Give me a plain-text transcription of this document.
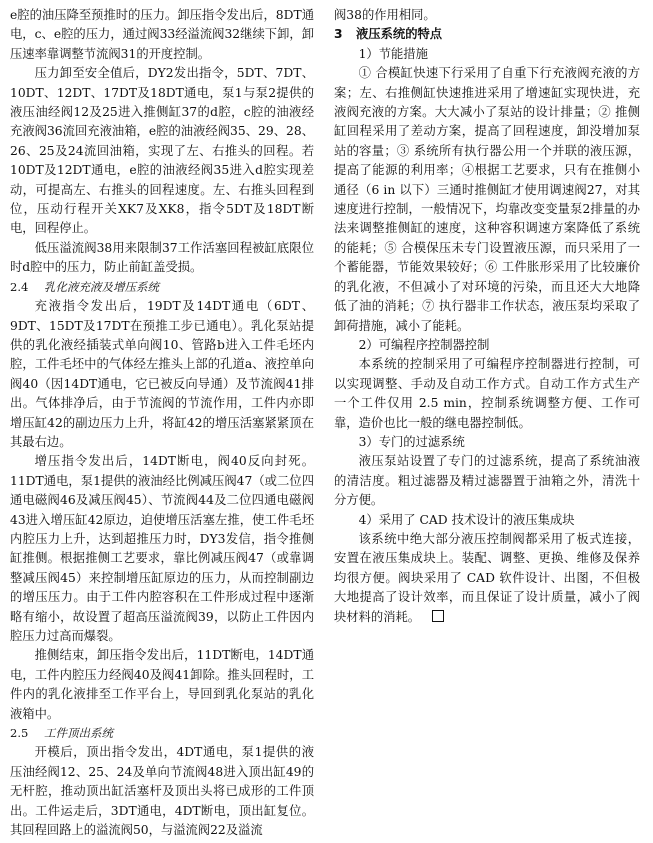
e腔的油压降至预推时的压力。卸压指令发出后，8DT通电，c、e腔的压力，通过阀33经溢流阀32继续下卸，卸压速率靠调整节流阀31的开度控制。

压力卸至安全值后，DY2发出指令，5DT、7DT、10DT、12DT、17DT及18DT通电，泵1与泵2提供的液压油经阀12及25进入推侧缸37的d腔，c腔的油液经充液阀36流回充液油箱，e腔的油液经阀35、29、28、26、25及24流回油箱，实现了左、右推头的回程。若10DT及12DT通电，e腔的油液经阀35进入d腔实现差动，可提高左、右推头的回程速度。左、右推头回程到位，压动行程开关XK7及XK8，指令5DT及18DT断电，回程停止。

低压溢流阀38用来限制37工作活塞回程被缸底限位时d腔中的压力，防止前缸盖受损。

2.4 乳化液充液及增压系统

充液指令发出后，19DT及14DT通电（6DT、9DT、15DT及17DT在预推工步已通电）。乳化泵站提供的乳化液经插装式单向阀10、管路b进入工件毛坯内腔，工件毛坯中的气体经左推头上部的孔道a、液控单向阀40（因14DT通电，它已被反向导通）及节流阀41排出。气体排净后，由于节流阀的节流作用，工件内亦即增压缸42的副边压力上升，将缸42的增压活塞紧紧顶在其最右边。

增压指令发出后，14DT断电，阀40反向封死。11DT通电，泵1提供的液油经比例减压阀47（或二位四通电磁阀46及减压阀45）、节流阀44及二位四通电磁阀43进入增压缸42原边，迫使增压活塞左推，使工件毛坯内腔压力上升，达到超推压力时，DY3发信，指令推侧缸推侧。根据推侧工艺要求，靠比例减压阀47（或靠调整减压阀45）来控制增压缸原边的压力，从而控制副边的增压压力。由于工件内腔容积在工件形成过程中逐渐略有缩小，故设置了超高压溢流阀39，以防止工件因内腔压力过高而爆裂。

推侧结束，卸压指令发出后，11DT断电，14DT通电，工件内腔压力经阀40及阀41卸除。推头回程时，工件内的乳化液排至工作平台上，导回到乳化泵站的乳化液箱中。

2.5 工件顶出系统

开模后，顶出指令发出，4DT通电，泵1提供的液压油经阀12、25、24及单向节流阀48进入顶出缸49的无杆腔，推动顶出缸活塞杆及顶出头将已成形的工件顶出。工件运走后，3DT通电，4DT断电，顶出缸复位。其回程回路上的溢流阀50，与溢流阀22及溢流

阀38的作用相同。

3 液压系统的特点

1）节能措施

① 合模缸快速下行采用了自重下行充液阀充液的方案；左、右推侧缸快速推进采用了增速缸实现快进，充液阀充液的方案。大大减小了泵站的设计排量；② 推侧缸回程采用了差动方案，提高了回程速度，卸没增加泵站的容量；③ 系统所有执行器公用一个并联的液压源，提高了能源的利用率；④根据工艺要求，只有在推侧小通径（6 in 以下）三通时推侧缸才使用调速阀27，对其速度进行控制，一般情况下，均靠改变变量泵2排量的办法来调整推侧缸的速度，这种容积调速方案降低了系统的能耗；⑤ 合模保压未专门设置液压源，而只采用了一个蓄能器，节能效果较好；⑥ 工件胀形采用了比较廉价的乳化液，不但减小了对环境的污染，而且还大大地降低了油的消耗；⑦ 执行器非工作状态，液压泵均采取了卸荷措施，减小了能耗。

2）可编程序控制器控制

本系统的控制采用了可编程序控制器进行控制，可以实现调整、手动及自动工作方式。自动工作方式生产一个工件仅用 2.5 min，控制系统调整方便、工作可靠，造价也比一般的继电器控制低。

3）专门的过滤系统

液压泵站设置了专门的过滤系统，提高了系统油液的清洁度。粗过滤器及精过滤器置于油箱之外，清洗十分方便。

4）采用了 CAD 技术设计的液压集成块

该系统中绝大部分液压控制阀都采用了板式连接，安置在液压集成块上。装配、调整、更换、维修及保养均很方便。阀块采用了 CAD 软件设计、出图，不但极大地提高了设计效率，而且保证了设计质量，减小了阀块材料的消耗。
